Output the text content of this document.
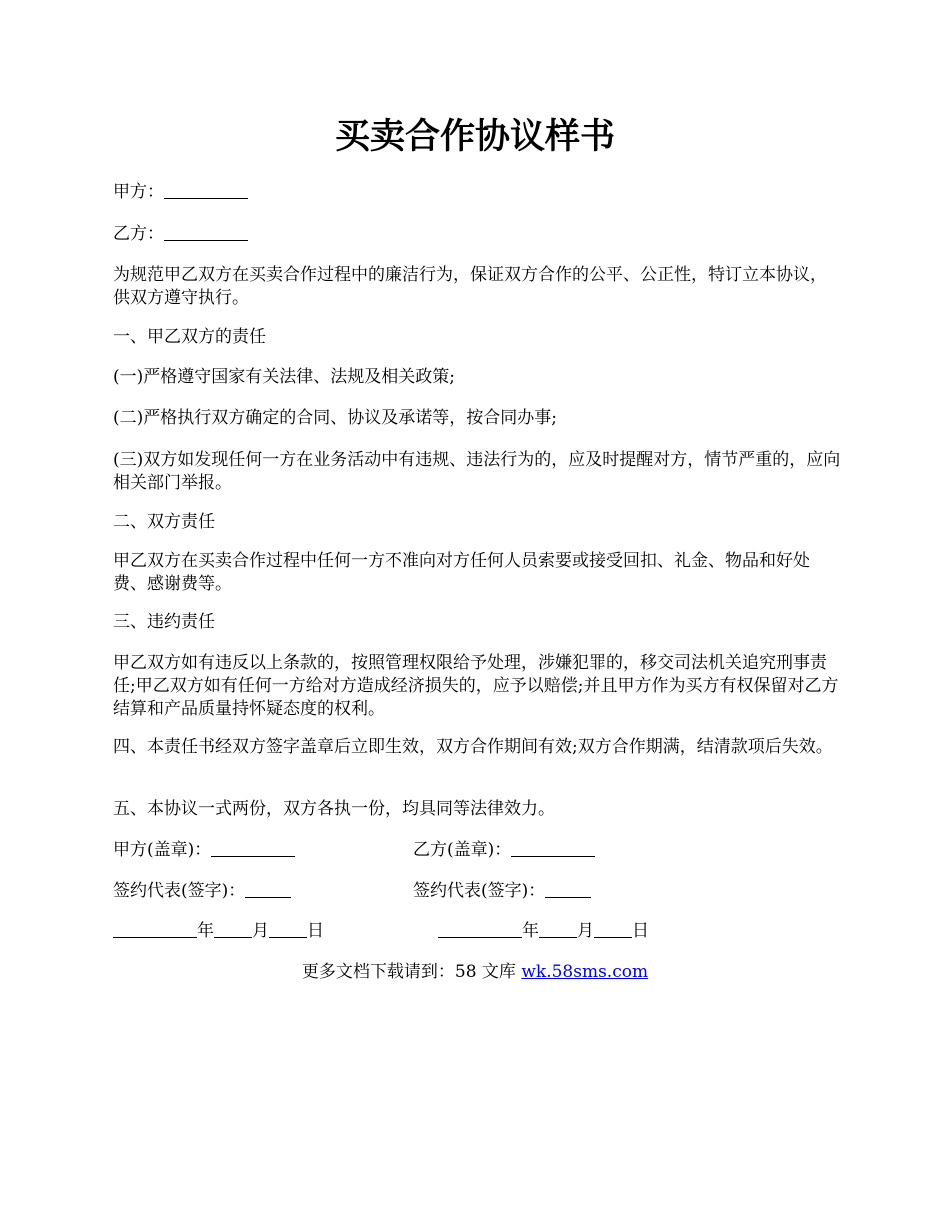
买卖合作协议样书
甲方：
乙方：

为规范甲乙双方在买卖合作过程中的廉洁行为，保证双方合作的公平、公正性，特订立本协议，供双方遵守执行。

一、甲乙双方的责任
(一)严格遵守国家有关法律、法规及相关政策;
(二)严格执行双方确定的合同、协议及承诺等，按合同办事;

(三)双方如发现任何一方在业务活动中有违规、违法行为的，应及时提醒对方，情节严重的，应向相关部门举报。

二、双方责任

甲乙双方在买卖合作过程中任何一方不准向对方任何人员索要或接受回扣、礼金、物品和好处费、感谢费等。

三、违约责任

甲乙双方如有违反以上条款的，按照管理权限给予处理，涉嫌犯罪的，移交司法机关追究刑事责任;甲乙双方如有任何一方给对方造成经济损失的，应予以赔偿;并且甲方作为买方有权保留对乙方结算和产品质量持怀疑态度的权利。

四、本责任书经双方签字盖章后立即生效，双方合作期间有效;双方合作期满，结清款项后失效。

五、本协议一式两份，双方各执一份，均具同等法律效力。
甲方(盖章)：	乙方(盖章)：
签约代表(签字)：	签约代表(签字)：
年 月 日	年 月 日
更多文档下载请到：58 文库 wk.58sms.com
